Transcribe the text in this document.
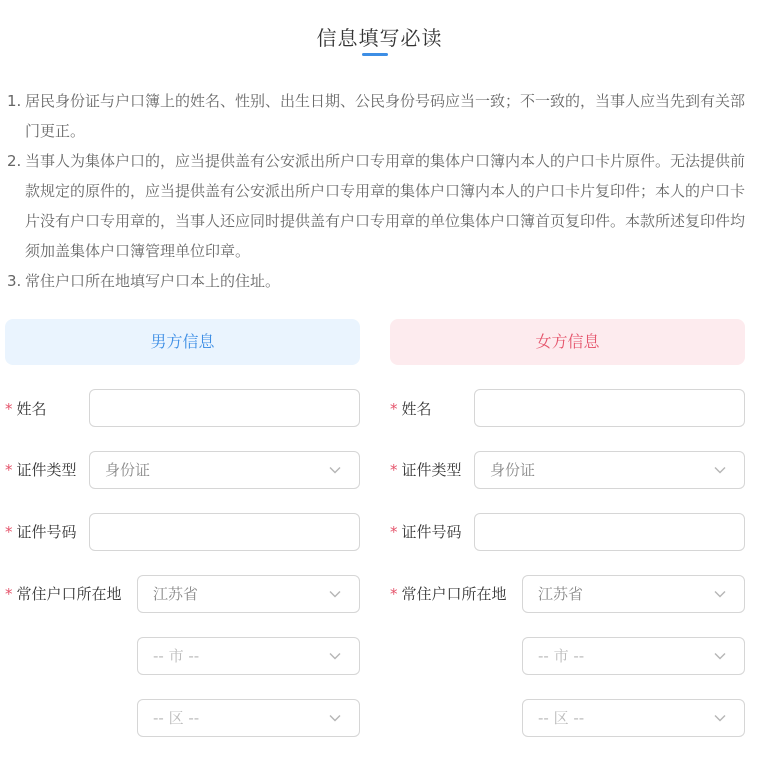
信息填写必读
1. 居民身份证与户口簿上的姓名、性别、出生日期、公民身份号码应当一致；不一致的，当事人应当先到有关部门更正。
2. 当事人为集体户口的，应当提供盖有公安派出所户口专用章的集体户口簿内本人的户口卡片原件。无法提供前款规定的原件的，应当提供盖有公安派出所户口专用章的集体户口簿内本人的户口卡片复印件；本人的户口卡片没有户口专用章的，当事人还应同时提供盖有户口专用章的单位集体户口簿首页复印件。本款所述复印件均须加盖集体户口簿管理单位印章。
3. 常住户口所在地填写户口本上的住址。
男方信息
* 姓名
* 证件类型	身份证
* 证件号码
* 常住户口所在地	江苏省
-- 市 --
-- 区 --
女方信息
* 姓名
* 证件类型	身份证
* 证件号码
* 常住户口所在地	江苏省
-- 市 --
-- 区 --
